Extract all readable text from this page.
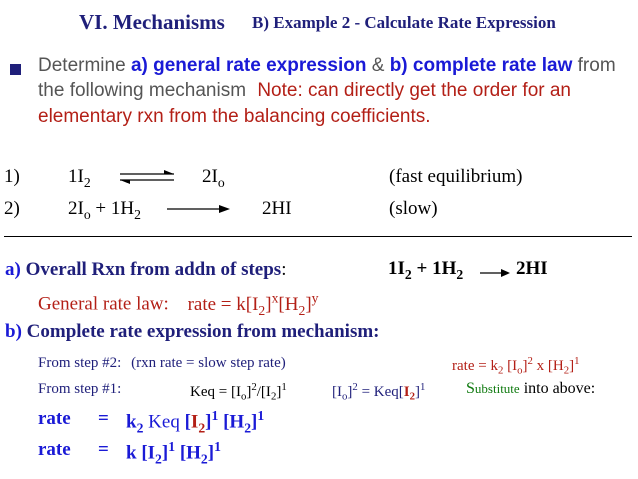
VI. Mechanisms B) Example 2 - Calculate Rate Expression
Determine a) general rate expression & b) complete rate law from
the following mechanism Note: can directly get the order for an
elementary rxn from the balancing coefficients.
1)	$1I_2$ ⇌ $2I_o$	(fast equilibrium)
2)	$2I_o + 1H_2 \to 2HI$	(slow)
a) Overall Rxn from addn of steps:	$1I_2 + 1H_2$	2HI
General rate law: rate = $k[I_2]^x[H_2]^y$
b) Complete rate expression from mechanism:
From step #2: (rxn rate = slow step rate)	rate = $k_2$ $[I_o]^2$ x $[H_2]^1$
From step #1:	Keq = $[I_o]^2/[I_2]^1$	$[I_o]^2 = Keq[I_2]^1$	Substitute into above:
rate = $k_2$ Keq $[I_2]^1$ $[H_2]^1$
rate = k $[I_2]^1$ $[H_2]^1$
